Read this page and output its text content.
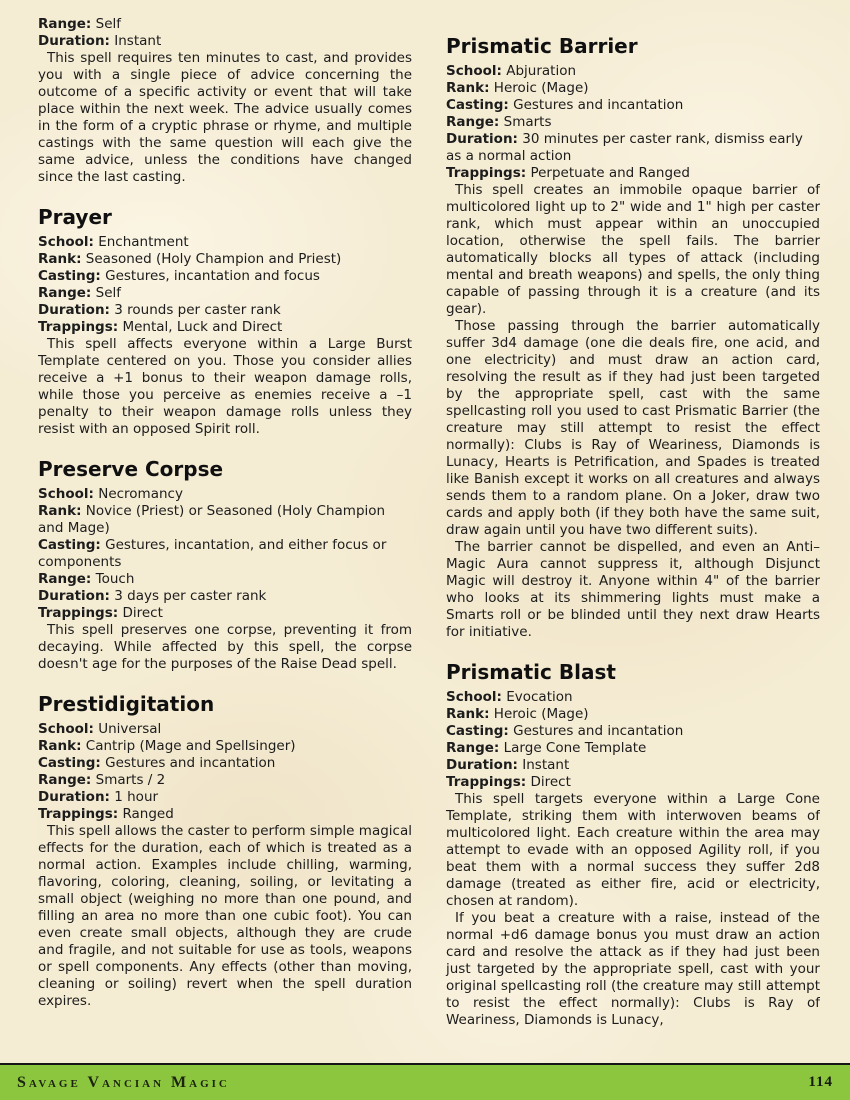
Range: Self
Duration: Instant

This spell requires ten minutes to cast, and provides you with a single piece of advice concerning the outcome of a specific activity or event that will take place within the next week. The advice usually comes in the form of a cryptic phrase or rhyme, and multiple castings with the same question will each give the same advice, unless the conditions have changed since the last casting.

Prayer
School: Enchantment
Rank: Seasoned (Holy Champion and Priest)
Casting: Gestures, incantation and focus
Range: Self
Duration: 3 rounds per caster rank
Trappings: Mental, Luck and Direct

This spell affects everyone within a Large Burst Template centered on you. Those you consider allies receive a +1 bonus to their weapon damage rolls, while those you perceive as enemies receive a –1 penalty to their weapon damage rolls unless they resist with an opposed Spirit roll.

Preserve Corpse
School: Necromancy
Rank: Novice (Priest) or Seasoned (Holy Champion and Mage)
Casting: Gestures, incantation, and either focus or components
Range: Touch
Duration: 3 days per caster rank
Trappings: Direct

This spell preserves one corpse, preventing it from decaying. While affected by this spell, the corpse doesn't age for the purposes of the Raise Dead spell.

Prestidigitation
School: Universal
Rank: Cantrip (Mage and Spellsinger)
Casting: Gestures and incantation
Range: Smarts / 2
Duration: 1 hour
Trappings: Ranged

This spell allows the caster to perform simple magical effects for the duration, each of which is treated as a normal action. Examples include chilling, warming, flavoring, coloring, cleaning, soiling, or levitating a small object (weighing no more than one pound, and filling an area no more than one cubic foot). You can even create small objects, although they are crude and fragile, and not suitable for use as tools, weapons or spell components. Any effects (other than moving, cleaning or soiling) revert when the spell duration expires.

Prismatic Barrier
School: Abjuration
Rank: Heroic (Mage)
Casting: Gestures and incantation
Range: Smarts
Duration: 30 minutes per caster rank, dismiss early as a normal action
Trappings: Perpetuate and Ranged

This spell creates an immobile opaque barrier of multicolored light up to 2" wide and 1" high per caster rank, which must appear within an unoccupied location, otherwise the spell fails. The barrier automatically blocks all types of attack (including mental and breath weapons) and spells, the only thing capable of passing through it is a creature (and its gear).

Those passing through the barrier automatically suffer 3d4 damage (one die deals fire, one acid, and one electricity) and must draw an action card, resolving the result as if they had just been targeted by the appropriate spell, cast with the same spellcasting roll you used to cast Prismatic Barrier (the creature may still attempt to resist the effect normally): Clubs is Ray of Weariness, Diamonds is Lunacy, Hearts is Petrification, and Spades is treated like Banish except it works on all creatures and always sends them to a random plane. On a Joker, draw two cards and apply both (if they both have the same suit, draw again until you have two different suits).

The barrier cannot be dispelled, and even an Anti–Magic Aura cannot suppress it, although Disjunct Magic will destroy it. Anyone within 4" of the barrier who looks at its shimmering lights must make a Smarts roll or be blinded until they next draw Hearts for initiative.

Prismatic Blast
School: Evocation
Rank: Heroic (Mage)
Casting: Gestures and incantation
Range: Large Cone Template
Duration: Instant
Trappings: Direct

This spell targets everyone within a Large Cone Template, striking them with interwoven beams of multicolored light. Each creature within the area may attempt to evade with an opposed Agility roll, if you beat them with a normal success they suffer 2d8 damage (treated as either fire, acid or electricity, chosen at random).

If you beat a creature with a raise, instead of the normal +d6 damage bonus you must draw an action card and resolve the attack as if they had just been just targeted by the appropriate spell, cast with your original spellcasting roll (the creature may still attempt to resist the effect normally): Clubs is Ray of Weariness, Diamonds is Lunacy,

Savage Vancian Magic	114
